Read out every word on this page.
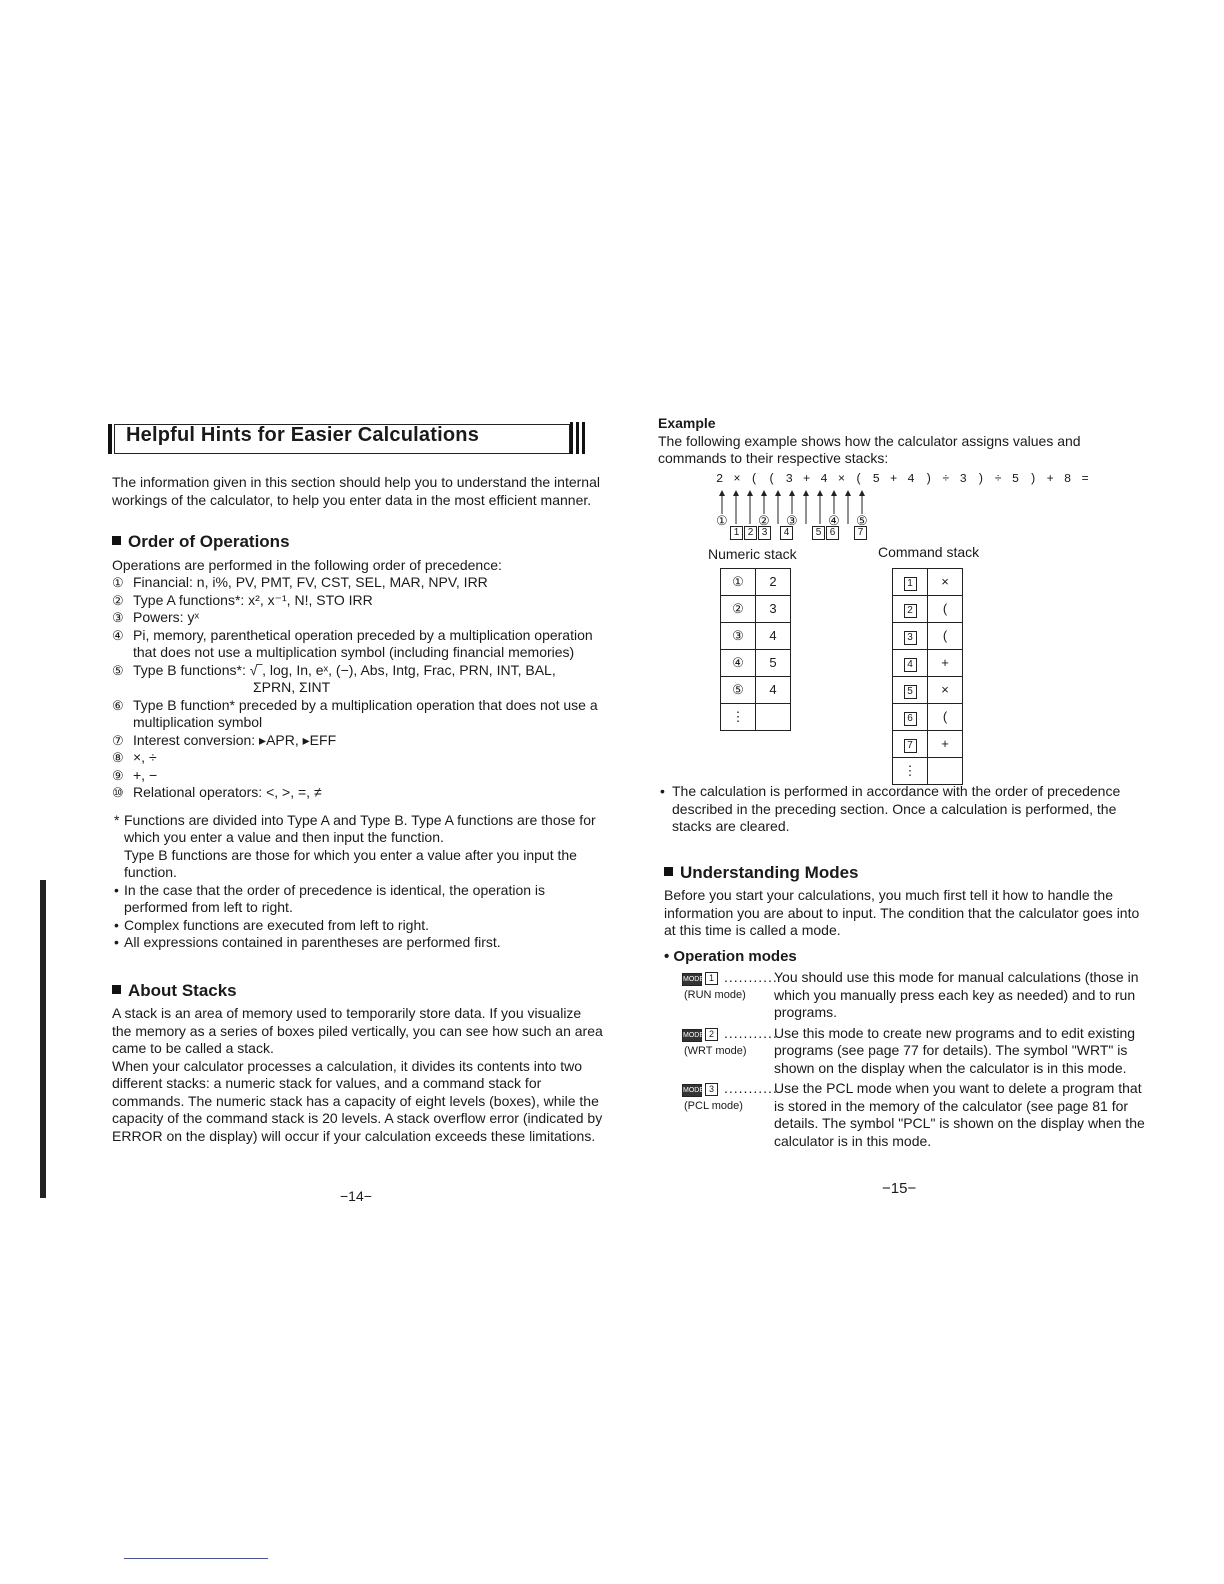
Helpful Hints for Easier Calculations

The information given in this section should help you to understand the internal workings of the calculator, to help you enter data in the most efficient manner.

Order of Operations

Operations are performed in the following order of precedence:

① Financial: n, i%, PV, PMT, FV, CST, SEL, MAR, NPV, IRR
② Type A functions*: x², x⁻¹, N!, STO IRR
③ Powers: yˣ
④ Pi, memory, parenthetical operation preceded by a multiplication operation that does not use a multiplication symbol (including financial memories)
⑤ Type B functions*: √‾, log, In, eˣ, (−), Abs, Intg, Frac, PRN, INT, BAL,
ΣPRN, ΣINT
⑥ Type B function* preceded by a multiplication operation that does not use a multiplication symbol
⑦ Interest conversion: ▸APR, ▸EFF
⑧ ×, ÷
⑨ +, −
⑩ Relational operators: <, >, =, ≠
* Functions are divided into Type A and Type B. Type A functions are those for which you enter a value and then input the function.
Type B functions are those for which you enter a value after you input the function.
• In the case that the order of precedence is identical, the operation is performed from left to right.
• Complex functions are executed from left to right.
• All expressions contained in parentheses are performed first.
About Stacks

A stack is an area of memory used to temporarily store data. If you visualize the memory as a series of boxes piled vertically, you can see how such an area came to be called a stack.

When your calculator processes a calculation, it divides its contents into two different stacks: a numeric stack for values, and a command stack for commands. The numeric stack has a capacity of eight levels (boxes), while the capacity of the command stack is 20 levels. A stack overflow error (indicated by ERROR on the display) will occur if your calculation exceeds these limitations.

−14−
Example

The following example shows how the calculator assigns values and commands to their respective stacks:

2 × ( ( 3 + 4 × ( 5 + 4 ) ÷ 3 ) ÷ 5 ) + 8 =
① ② ③ ④ ⑤
1 2 3	4	5 6	7
Numeric stack	Command stack
①	2
②	3
③	4
④	5
⑤	4
⋮	
1	×
2	(
3	(
4	+
5	×
6	(
7	+
⋮	
• The calculation is performed in accordance with the order of precedence described in the preceding section. Once a calculation is performed, the stacks are cleared.
Understanding Modes

Before you start your calculations, you much first tell it how to handle the information you are about to input. The condition that the calculator goes into at this time is called a mode.

• Operation modes
MODE 1
(RUN mode)
...........
You should use this mode for manual calculations (those in which you manually press each key as needed) and to run programs.
MODE 2
(WRT mode)
...........
Use this mode to create new programs and to edit existing programs (see page 77 for details). The symbol "WRT" is shown on the display when the calculator is in this mode.
MODE 3
(PCL mode)
...........
Use the PCL mode when you want to delete a program that is stored in the memory of the calculator (see page 81 for details. The symbol "PCL" is shown on the display when the calculator is in this mode.
−15−
